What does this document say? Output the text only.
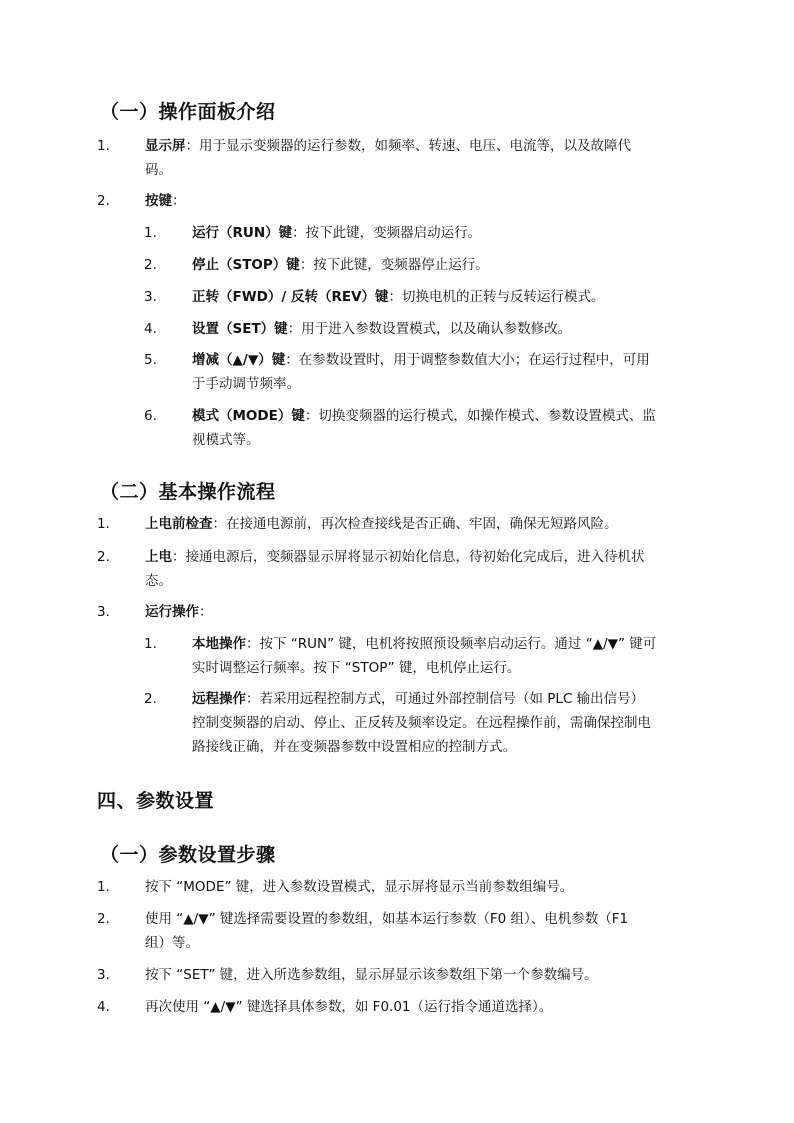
（一）操作面板介绍
1.	显示屏：用于显示变频器的运行参数，如频率、转速、电压、电流等，以及故障代
码。
2.	按键：
1.	运行（RUN）键：按下此键，变频器启动运行。
2.	停止（STOP）键：按下此键，变频器停止运行。
3.	正转（FWD）/ 反转（REV）键：切换电机的正转与反转运行模式。
4.	设置（SET）键：用于进入参数设置模式，以及确认参数修改。
5.	增减（▲/▼）键：在参数设置时，用于调整参数值大小；在运行过程中，可用
于手动调节频率。
6.	模式（MODE）键：切换变频器的运行模式，如操作模式、参数设置模式、监
视模式等。
（二）基本操作流程
1.	上电前检查：在接通电源前，再次检查接线是否正确、牢固，确保无短路风险。
2.	上电：接通电源后，变频器显示屏将显示初始化信息，待初始化完成后，进入待机状
态。
3.	运行操作：
1.	本地操作：按下 “RUN” 键，电机将按照预设频率启动运行。通过 “▲/▼” 键可
实时调整运行频率。按下 “STOP” 键，电机停止运行。
2.	远程操作：若采用远程控制方式，可通过外部控制信号（如 PLC 输出信号）
控制变频器的启动、停止、正反转及频率设定。在远程操作前，需确保控制电
路接线正确，并在变频器参数中设置相应的控制方式。
四、参数设置
（一）参数设置步骤
1.	按下 “MODE” 键，进入参数设置模式，显示屏将显示当前参数组编号。
2.	使用 “▲/▼” 键选择需要设置的参数组，如基本运行参数（F0 组）、电机参数（F1
组）等。
3.	按下 “SET” 键，进入所选参数组，显示屏显示该参数组下第一个参数编号。
4.	再次使用 “▲/▼” 键选择具体参数，如 F0.01（运行指令通道选择）。
